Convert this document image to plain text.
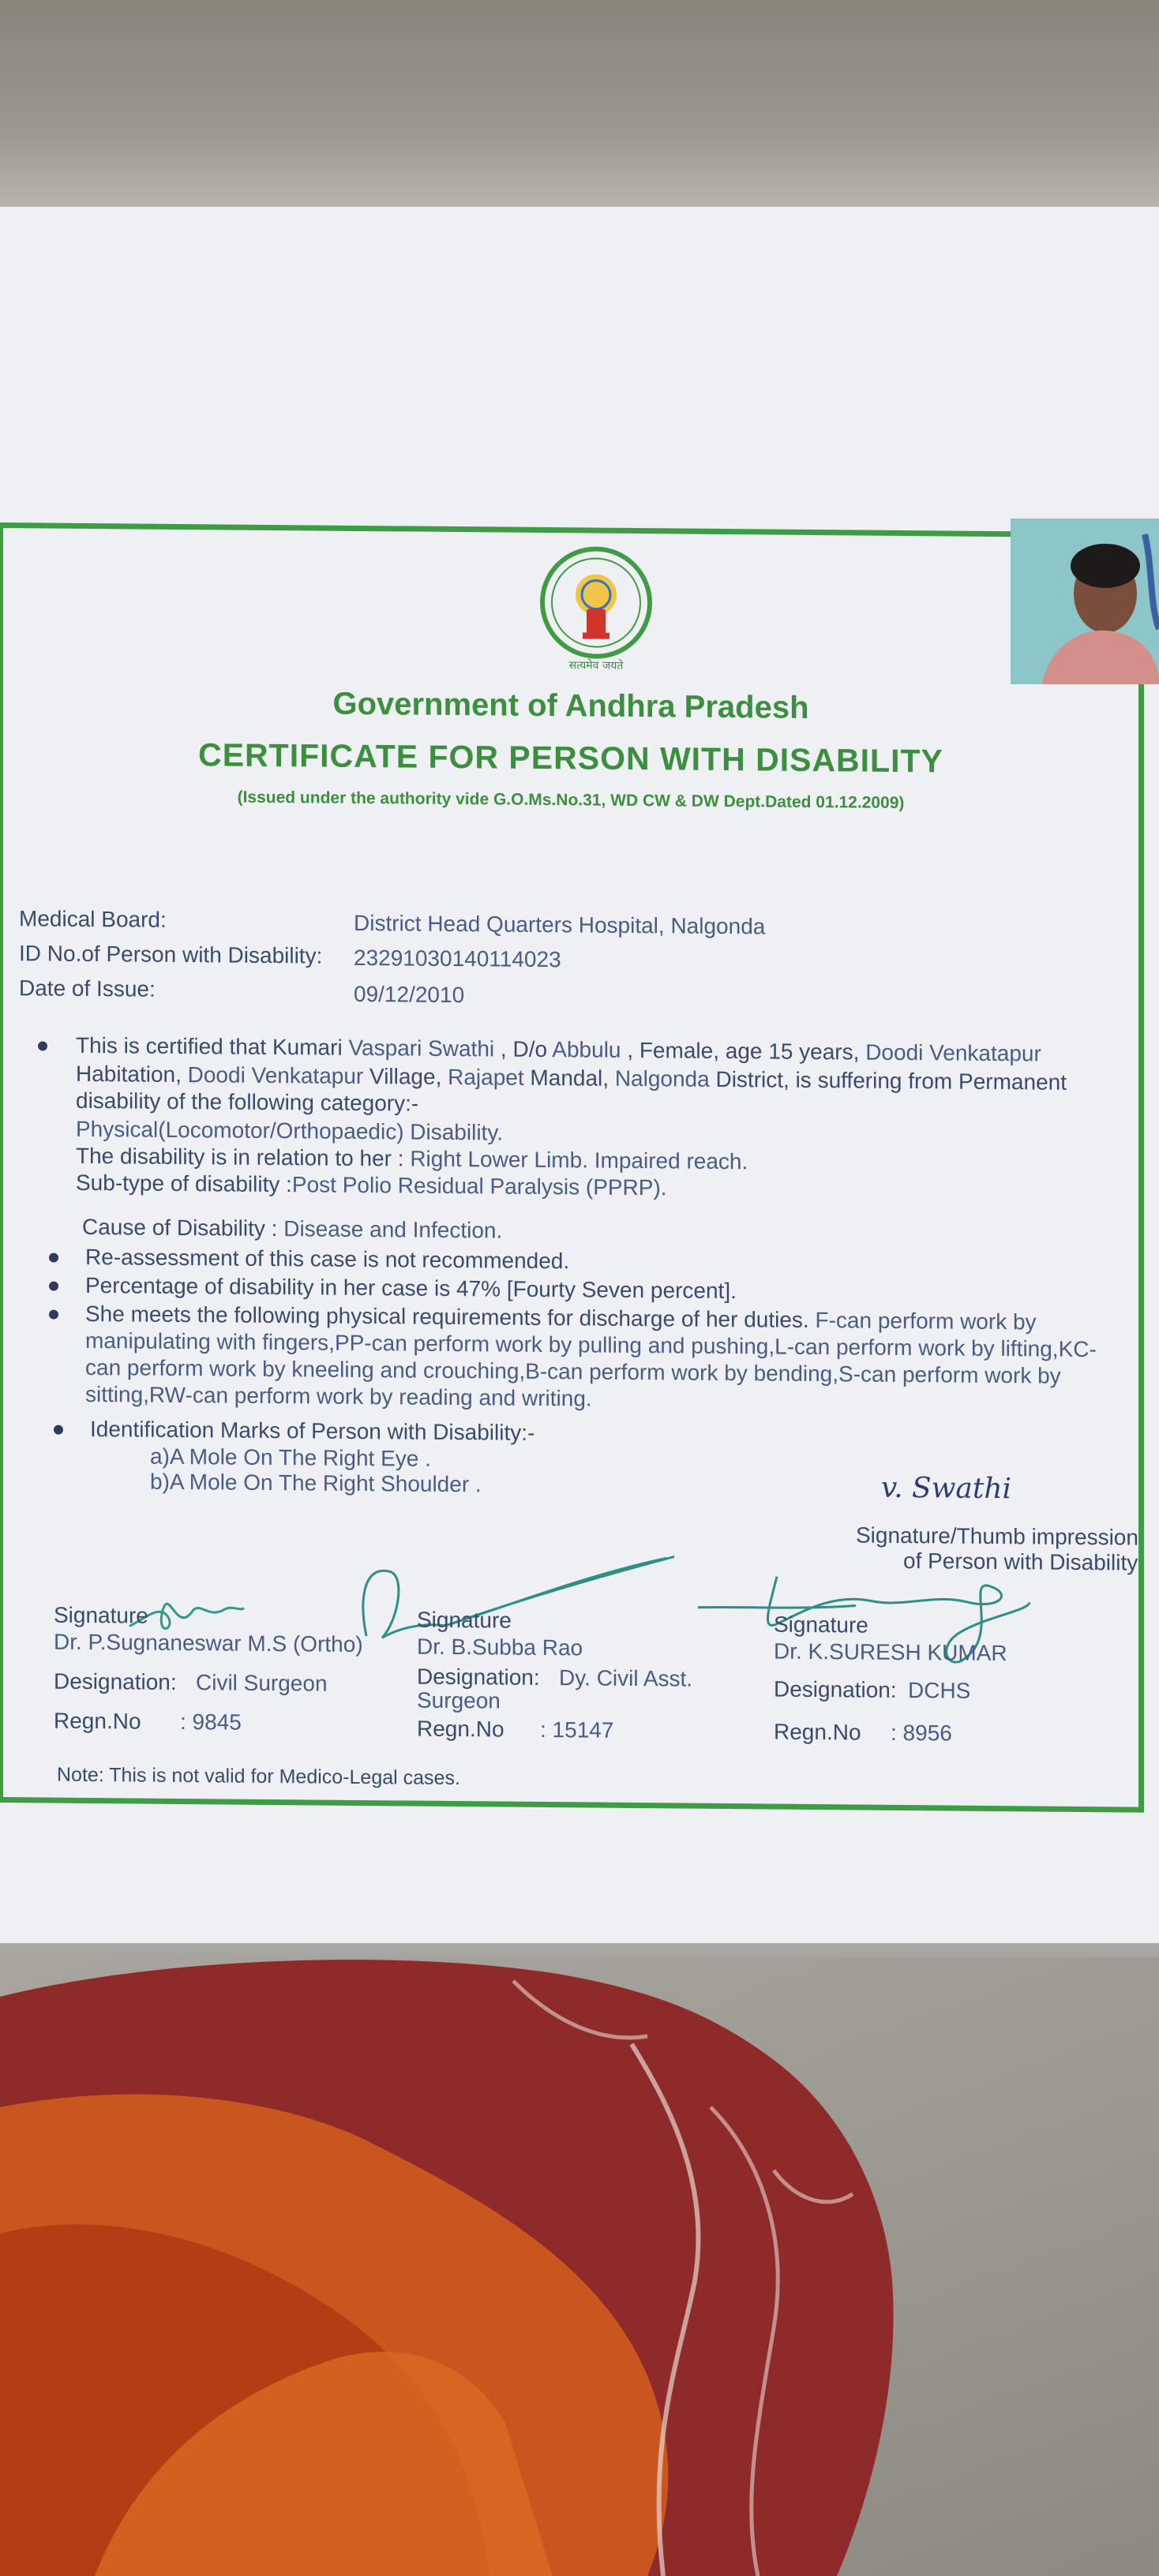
सत्यमेव जयते
Government of Andhra Pradesh
CERTIFICATE FOR PERSON WITH DISABILITY
(Issued under the authority vide G.O.Ms.No.31, WD CW & DW Dept.Dated 01.12.2009)
Medical Board:	District Head Quarters Hospital, Nalgonda
ID No.of Person with Disability: 23291030140114023
Date of Issue:	09/12/2010
This is certified that Kumari Vaspari Swathi , D/o Abbulu , Female, age 15 years, Doodi Venkatapur
Habitation, Doodi Venkatapur Village, Rajapet Mandal, Nalgonda District, is suffering from Permanent
disability of the following category:-
Physical(Locomotor/Orthopaedic) Disability.
The disability is in relation to her : Right Lower Limb. Impaired reach.
Sub-type of disability :Post Polio Residual Paralysis (PPRP).
Cause of Disability : Disease and Infection.
Re-assessment of this case is not recommended.
Percentage of disability in her case is 47% [Fourty Seven percent].
She meets the following physical requirements for discharge of her duties. F-can perform work by
manipulating with fingers,PP-can perform work by pulling and pushing,L-can perform work by lifting,KC-
can perform work by kneeling and crouching,B-can perform work by bending,S-can perform work by
sitting,RW-can perform work by reading and writing.
Identification Marks of Person with Disability:-
a)A Mole On The Right Eye .
b)A Mole On The Right Shoulder .	v. Swathi
Signature/Thumb impression
of Person with Disability
Signature
Dr. P.Sugnaneswar M.S (Ortho)
Designation: Civil Surgeon
Regn.No : 9845
Signature
Dr. B.Subba Rao
Designation: Dy. Civil Asst.
Surgeon
Regn.No : 15147
Signature
Dr. K.SURESH KUMAR
Designation: DCHS
Regn.No : 8956
Note: This is not valid for Medico-Legal cases.
